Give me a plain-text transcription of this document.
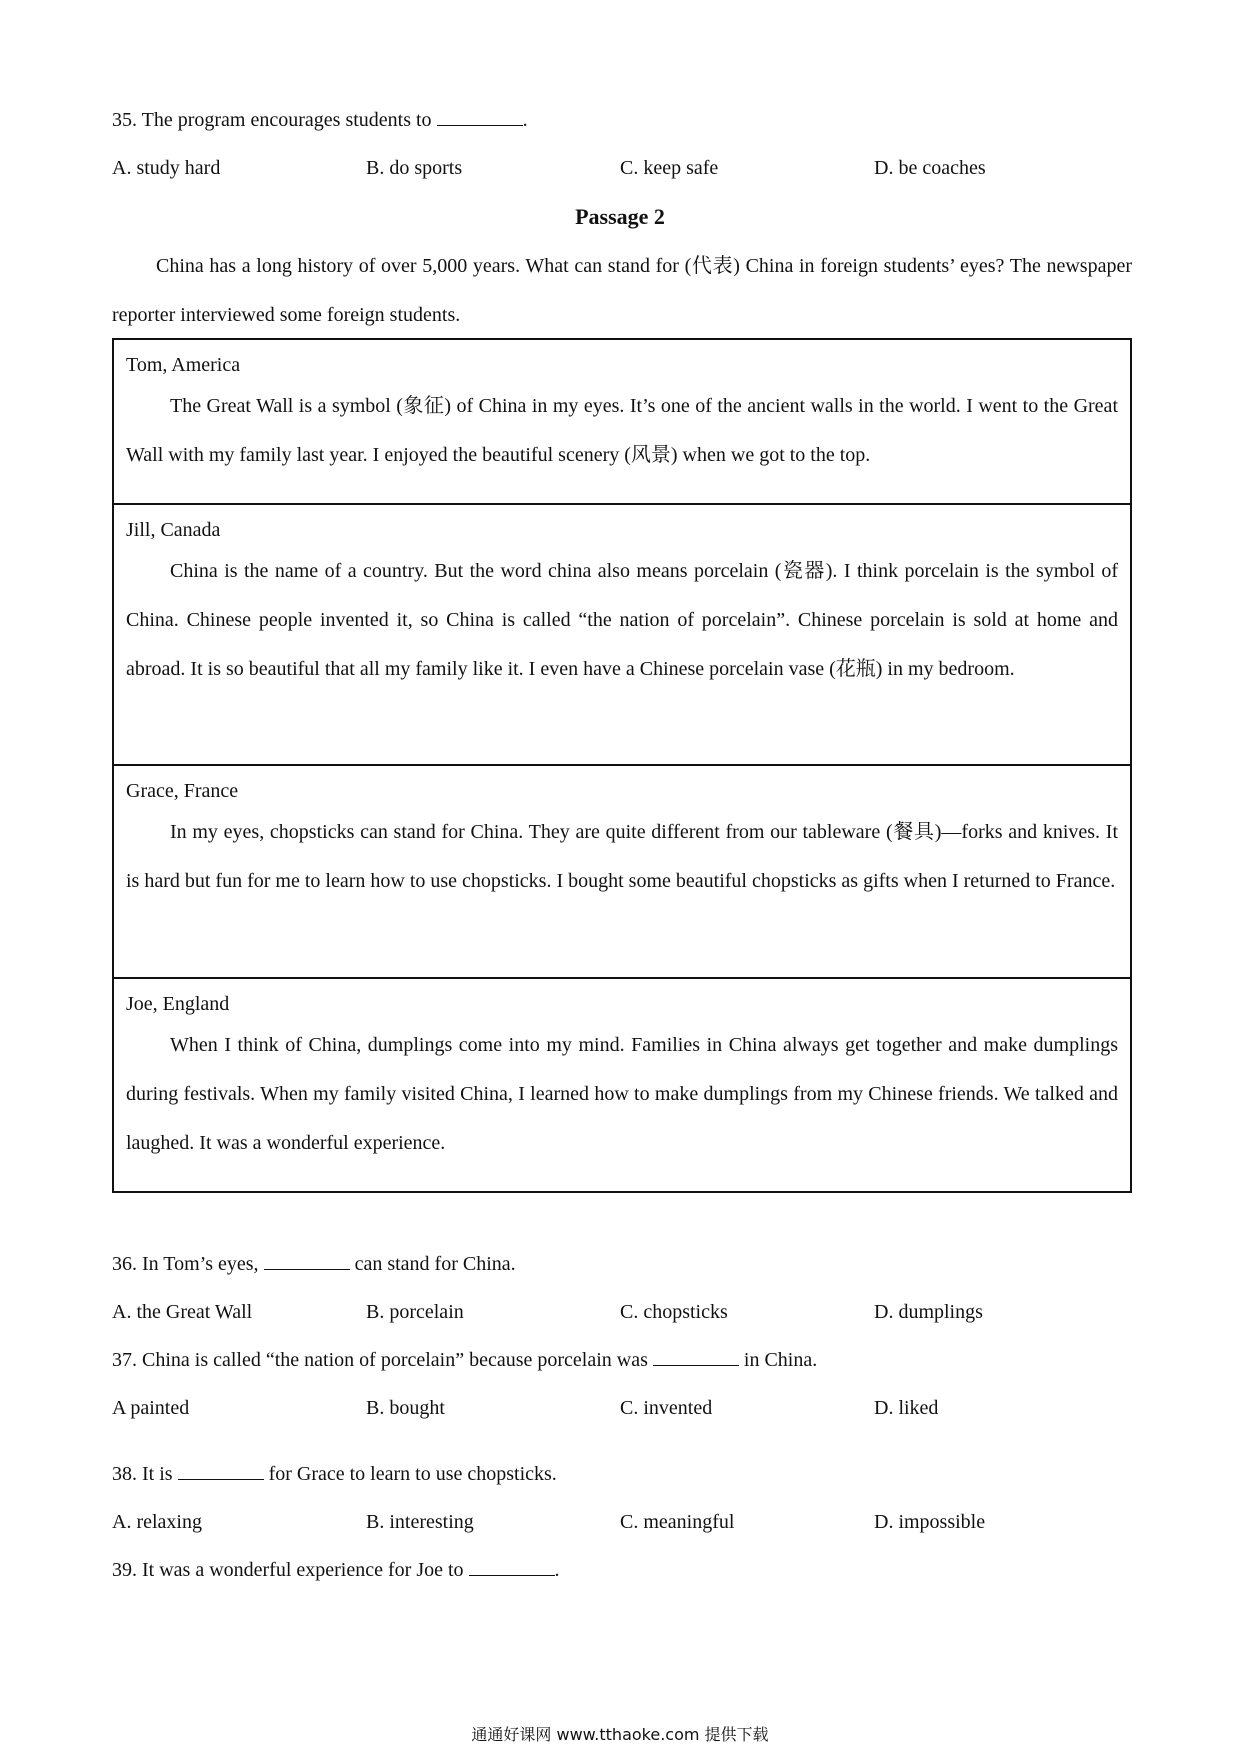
35. The program encourages students to	.
A. study hard	B. do sports	C. keep safe	D. be coaches
Passage 2
China has a long history of over 5,000 years. What can stand for (代表) China in foreign students’ eyes? The newspaper reporter interviewed some foreign students.
Tom, America
The Great Wall is a symbol (象征) of China in my eyes. It’s one of the ancient walls in the world. I went to the Great Wall with my family last year. I enjoyed the beautiful scenery (风景) when we got to the top.
Jill, Canada
China is the name of a country. But the word china also means porcelain (瓷器). I think porcelain is the symbol of China. Chinese people invented it, so China is called “the nation of porcelain”. Chinese porcelain is sold at home and abroad. It is so beautiful that all my family like it. I even have a Chinese porcelain vase (花瓶) in my bedroom.
Grace, France
In my eyes, chopsticks can stand for China. They are quite different from our tableware (餐具)—forks and knives. It is hard but fun for me to learn how to use chopsticks. I bought some beautiful chopsticks as gifts when I returned to France.
Joe, England
When I think of China, dumplings come into my mind. Families in China always get together and make dumplings during festivals. When my family visited China, I learned how to make dumplings from my Chinese friends. We talked and laughed. It was a wonderful experience.
36. In Tom’s eyes,	can stand for China.
A. the Great Wall	B. porcelain	C. chopsticks	D. dumplings
37. China is called “the nation of porcelain” because porcelain was	in China.
A painted	B. bought	C. invented	D. liked
38. It is	for Grace to learn to use chopsticks.
A. relaxing	B. interesting	C. meaningful	D. impossible
39. It was a wonderful experience for Joe to	.
通通好课网 www.tthaoke.com 提供下载
